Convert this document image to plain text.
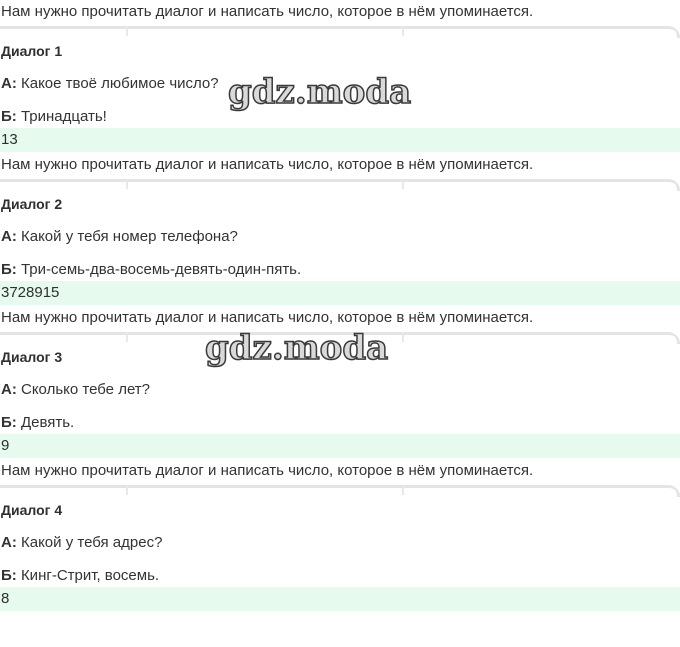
Нам нужно прочитать диалог и написать число, которое в нём упоминается.
Диалог 1
А: Какое твоё любимое число?
Б: Тринадцать!
13
Нам нужно прочитать диалог и написать число, которое в нём упоминается.
Диалог 2
А: Какой у тебя номер телефона?
Б: Три-семь-два-восемь-девять-один-пять.
3728915
Нам нужно прочитать диалог и написать число, которое в нём упоминается.
Диалог 3
А: Сколько тебе лет?
Б: Девять.
9
Нам нужно прочитать диалог и написать число, которое в нём упоминается.
Диалог 4
А: Какой у тебя адрес?
Б: Кинг-Стрит, восемь.
8
gdz.moda
gdz.moda
